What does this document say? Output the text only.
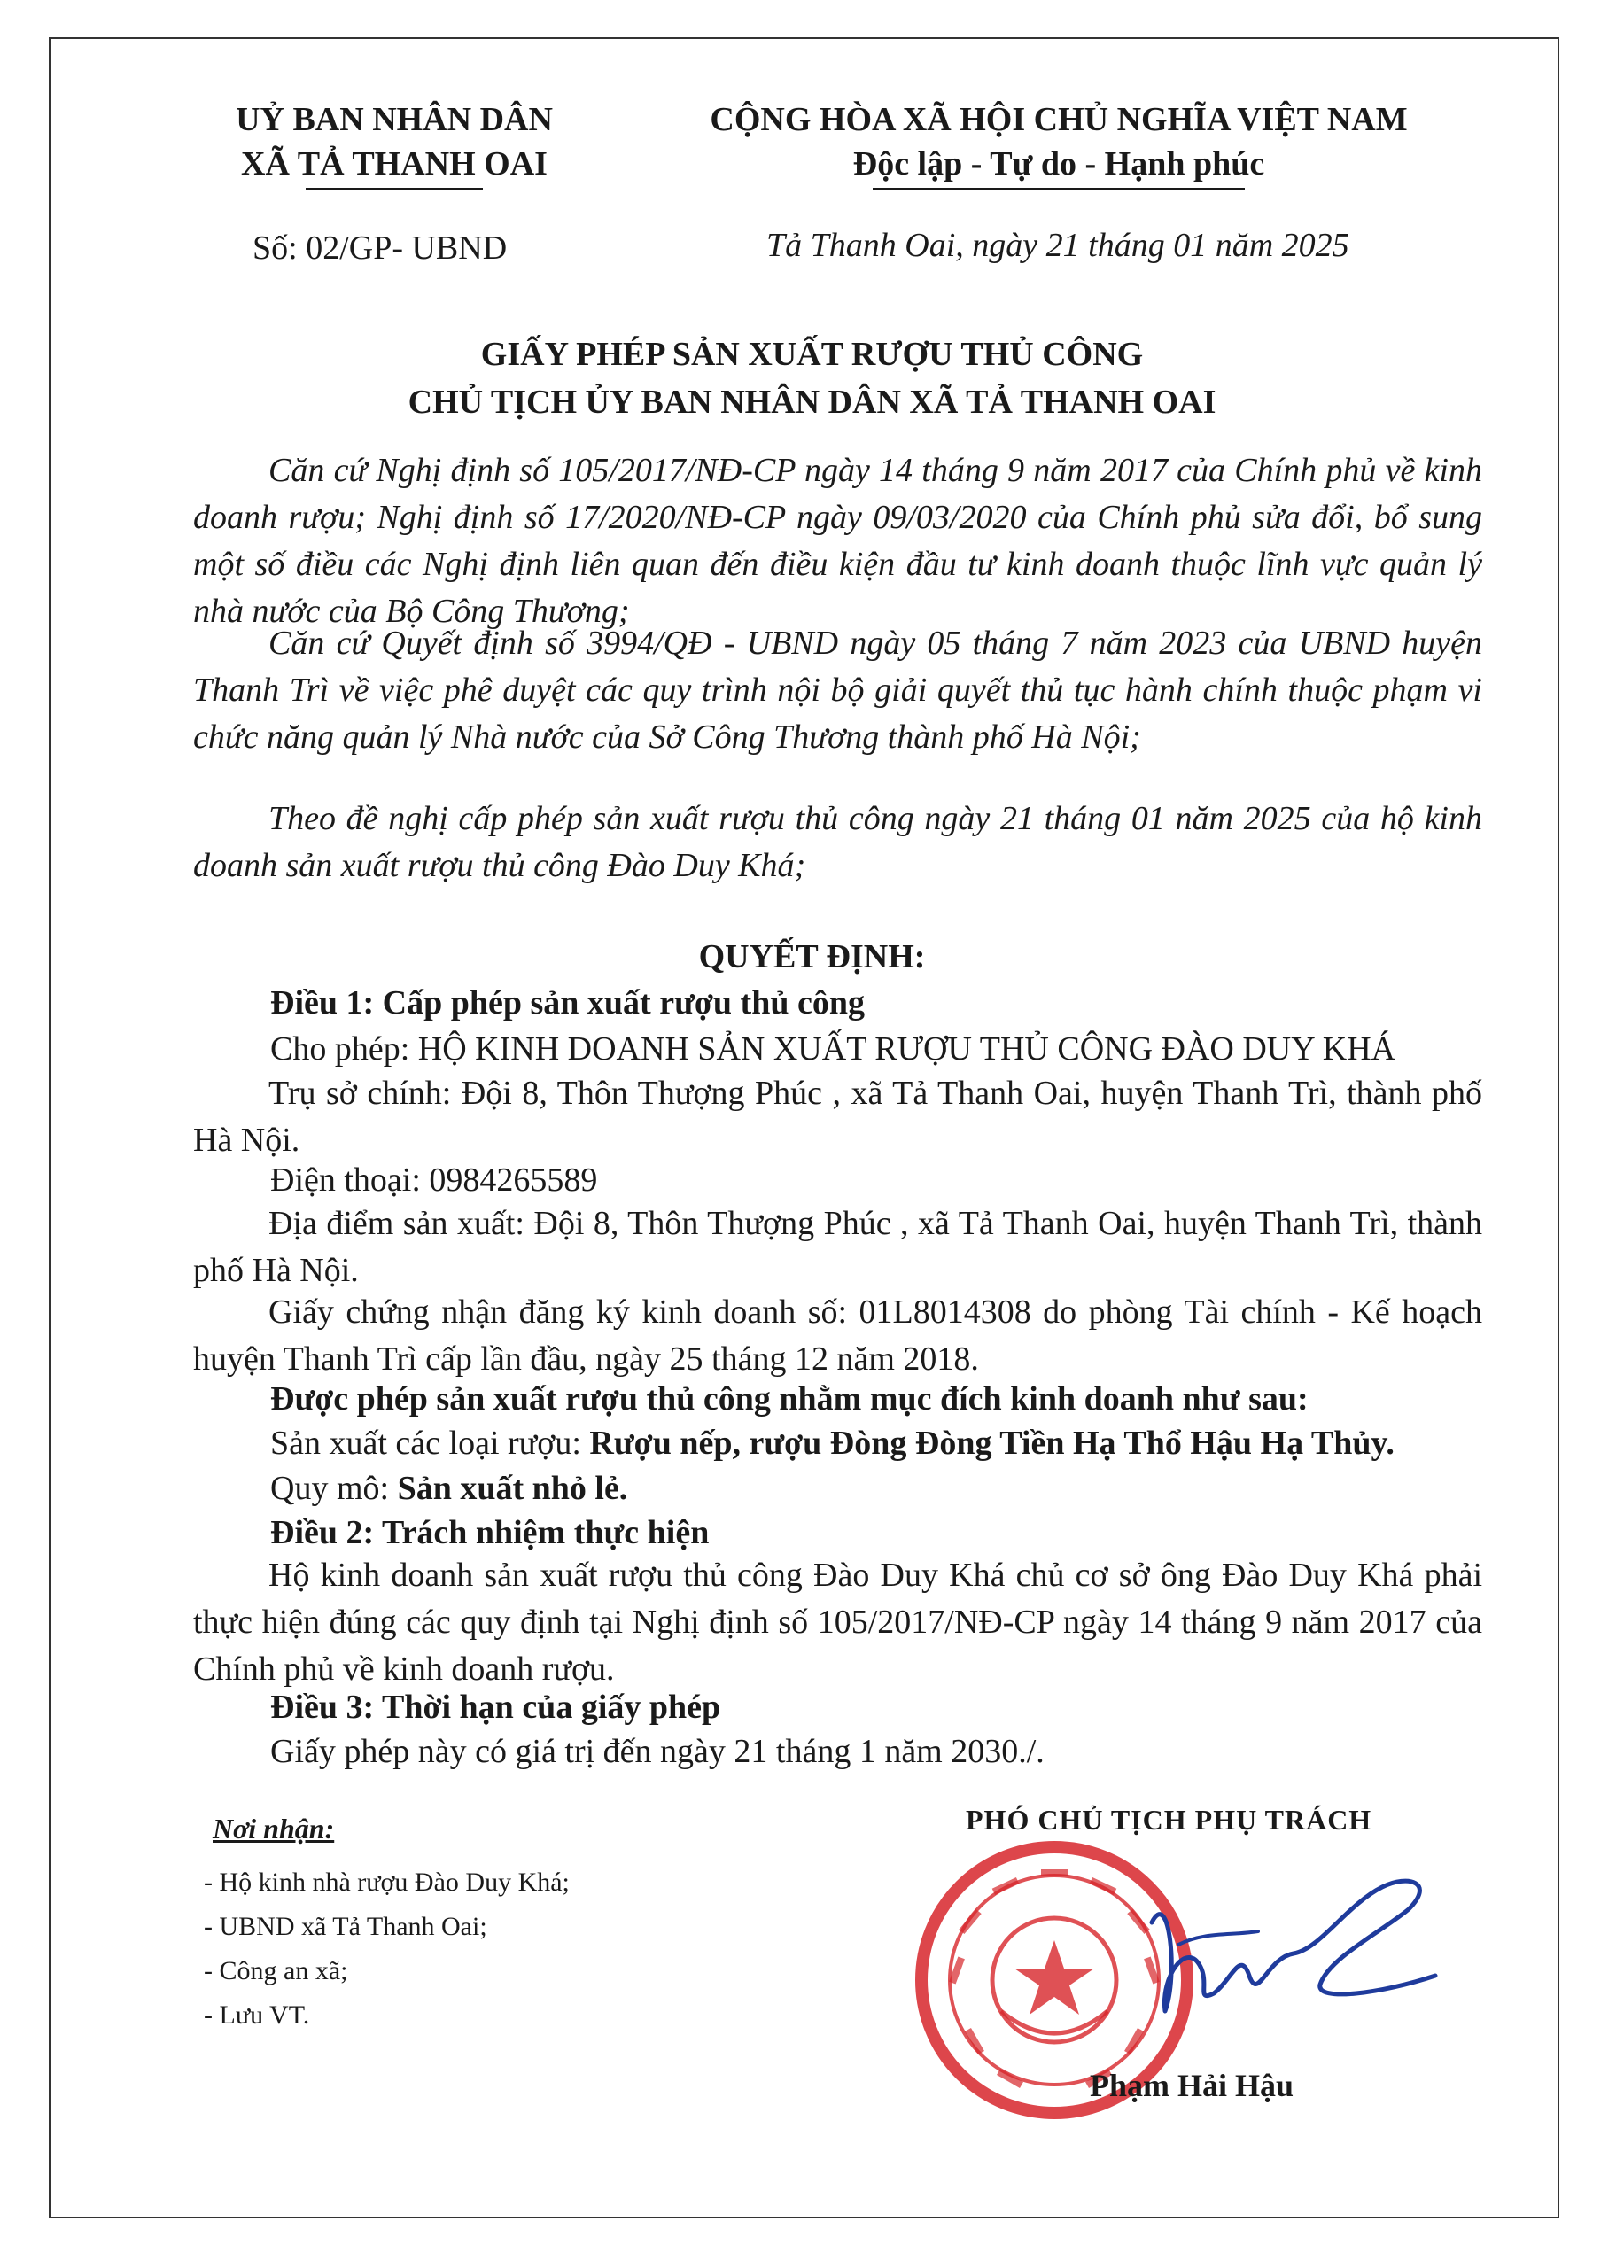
UỶ BAN NHÂN DÂN
XÃ TẢ THANH OAI
CỘNG HÒA XÃ HỘI CHỦ NGHĨA VIỆT NAM
Độc lập - Tự do - Hạnh phúc
Số: 02/GP- UBND	Tả Thanh Oai, ngày 21 tháng 01 năm 2025
GIẤY PHÉP SẢN XUẤT RƯỢU THỦ CÔNG
CHỦ TỊCH ỦY BAN NHÂN DÂN XÃ TẢ THANH OAI
Căn cứ Nghị định số 105/2017/NĐ-CP ngày 14 tháng 9 năm 2017 của Chính phủ về kinh doanh rượu; Nghị định số 17/2020/NĐ-CP ngày 09/03/2020 của Chính phủ sửa đổi, bổ sung một số điều các Nghị định liên quan đến điều kiện đầu tư kinh doanh thuộc lĩnh vực quản lý nhà nước của Bộ Công Thương;
Căn cứ Quyết định số 3994/QĐ - UBND ngày 05 tháng 7 năm 2023 của UBND huyện Thanh Trì về việc phê duyệt các quy trình nội bộ giải quyết thủ tục hành chính thuộc phạm vi chức năng quản lý Nhà nước của Sở Công Thương thành phố Hà Nội;
Theo đề nghị cấp phép sản xuất rượu thủ công ngày 21 tháng 01 năm 2025 của hộ kinh doanh sản xuất rượu thủ công Đào Duy Khá;
QUYẾT ĐỊNH:
Điều 1: Cấp phép sản xuất rượu thủ công
Cho phép: HỘ KINH DOANH SẢN XUẤT RƯỢU THỦ CÔNG ĐÀO DUY KHÁ
Trụ sở chính: Đội 8, Thôn Thượng Phúc , xã Tả Thanh Oai, huyện Thanh Trì, thành phố Hà Nội.
Điện thoại: 0984265589
Địa điểm sản xuất: Đội 8, Thôn Thượng Phúc , xã Tả Thanh Oai, huyện Thanh Trì, thành phố Hà Nội.
Giấy chứng nhận đăng ký kinh doanh số: 01L8014308 do phòng Tài chính - Kế hoạch huyện Thanh Trì cấp lần đầu, ngày 25 tháng 12 năm 2018.
Được phép sản xuất rượu thủ công nhằm mục đích kinh doanh như sau:
Sản xuất các loại rượu: Rượu nếp, rượu Đòng Đòng Tiền Hạ Thổ Hậu Hạ Thủy.
Quy mô: Sản xuất nhỏ lẻ.
Điều 2: Trách nhiệm thực hiện
Hộ kinh doanh sản xuất rượu thủ công Đào Duy Khá chủ cơ sở ông Đào Duy Khá phải thực hiện đúng các quy định tại Nghị định số 105/2017/NĐ-CP ngày 14 tháng 9 năm 2017 của Chính phủ về kinh doanh rượu.
Điều 3: Thời hạn của giấy phép
Giấy phép này có giá trị đến ngày 21 tháng 1 năm 2030./.
Nơi nhận:
- Hộ kinh nhà rượu Đào Duy Khá;
- UBND xã Tả Thanh Oai;
- Công an xã;
- Lưu VT.
PHÓ CHỦ TỊCH PHỤ TRÁCH
Phạm Hải Hậu
